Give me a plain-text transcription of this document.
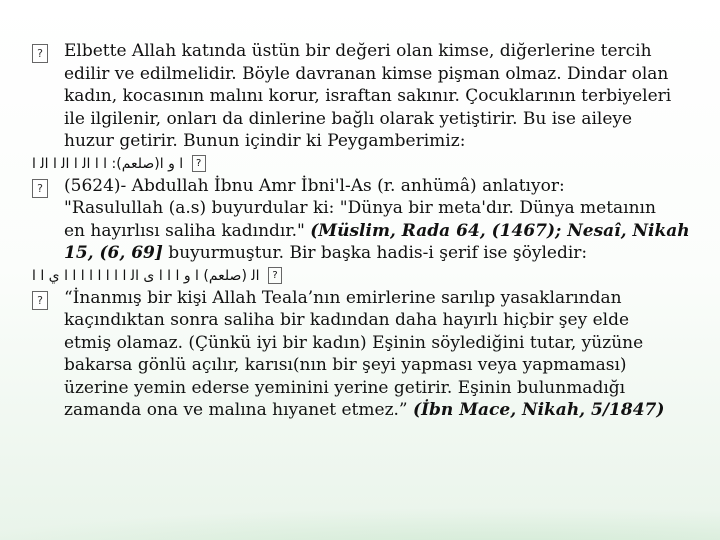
? Elbette Allah katında üstün bir değeri olan kimse, diğerlerine tercih
edilir ve edilmelidir. Böyle davranan kimse pişman olmaz. Dindar olan
kadın, kocasının malını korur, israftan sakınır. Çocuklarının terbiyeleri
ile ilgilenir, onları da dinlerine bağlı olarak yetiştirir. Bu ise aileye
huzur getirir. Bunun içindir ki Peygamberimiz:
? ا و ا(صلعم): ﺍ ﺍ ﺍﻟ ﺍ ﺍﻟ ﺍ ﺍﻟ ﺍ
? (5624)- Abdullah İbnu Amr İbni'l-As (r. anhümâ) anlatıyor:
"Rasulullah (a.s) buyurdular ki: "Dünya bir meta'dır. Dünya metaının
en hayırlısı saliha kadındır." (Müslim, Rada 64, (1467); Nesaî, Nikah
15, (6, 69] buyurmuştur. Bir başka hadis-i şerif ise şöyledir:
? ﺍﻟ (صلعم) ا و ا ا ا ى ﺍﻟ ا ا ا ا ا ا ا ا ي ا ا
? “İnanmış bir kişi Allah Teala’nın emirlerine sarılıp yasaklarından
kaçındıktan sonra saliha bir kadından daha hayırlı hiçbir şey elde
etmiş olamaz. (Çünkü iyi bir kadın) Eşinin söylediğini tutar, yüzüne
bakarsa gönlü açılır, karısı(nın bir şeyi yapması veya yapmaması)
üzerine yemin ederse yeminini yerine getirir. Eşinin bulunmadığı
zamanda ona ve malına hıyanet etmez.” (İbn Mace, Nikah, 5/1847)
